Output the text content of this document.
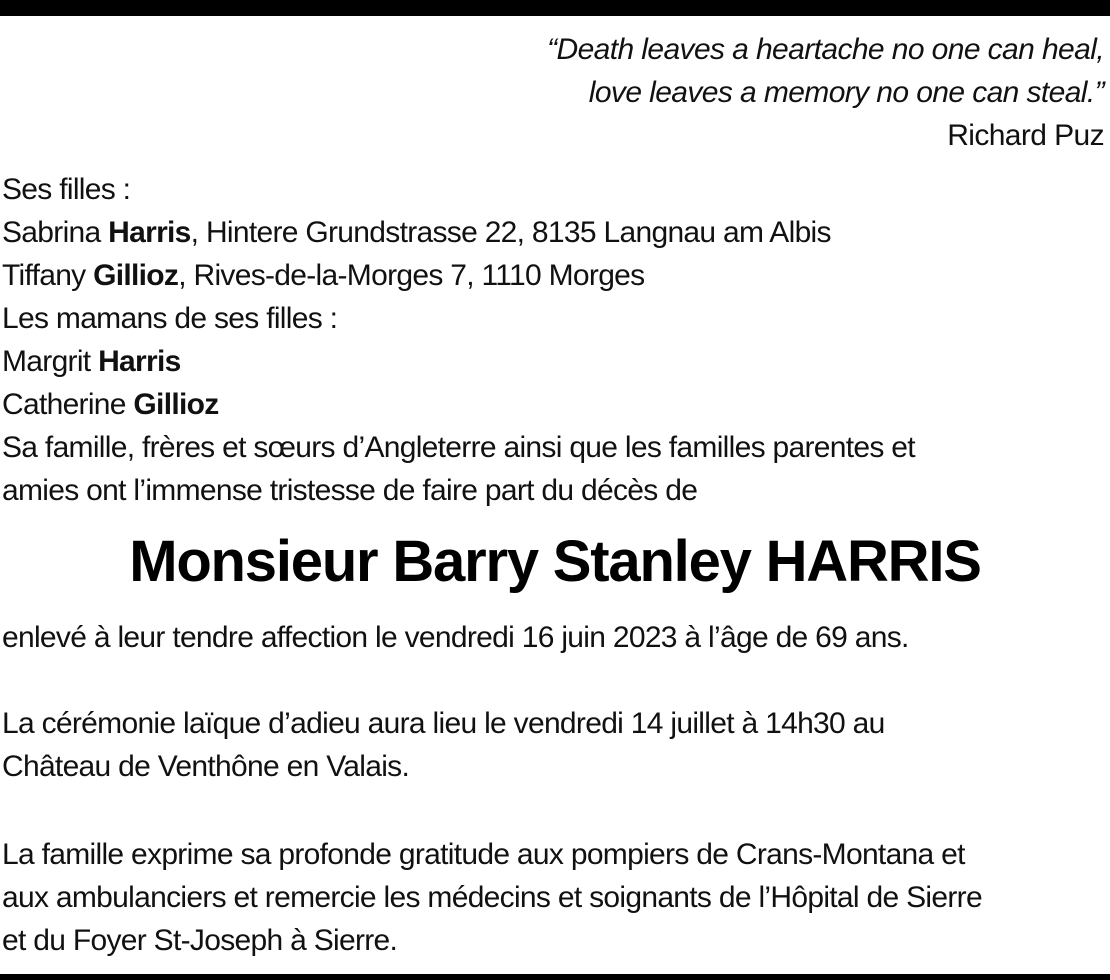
“Death leaves a heartache no one can heal,
love leaves a memory no one can steal.”
Richard Puz
Ses filles :
Sabrina Harris, Hintere Grundstrasse 22, 8135 Langnau am Albis
Tiffany Gillioz, Rives-de-la-Morges 7, 1110 Morges
Les mamans de ses filles :
Margrit Harris
Catherine Gillioz
Sa famille, frères et sœurs d’Angleterre ainsi que les familles parentes et
amies ont l’immense tristesse de faire part du décès de
Monsieur Barry Stanley HARRIS
enlevé à leur tendre affection le vendredi 16 juin 2023 à l’âge de 69 ans.
La cérémonie laïque d’adieu aura lieu le vendredi 14 juillet à 14h30 au
Château de Venthône en Valais.
La famille exprime sa profonde gratitude aux pompiers de Crans-Montana et
aux ambulanciers et remercie les médecins et soignants de l’Hôpital de Sierre
et du Foyer St-Joseph à Sierre.
